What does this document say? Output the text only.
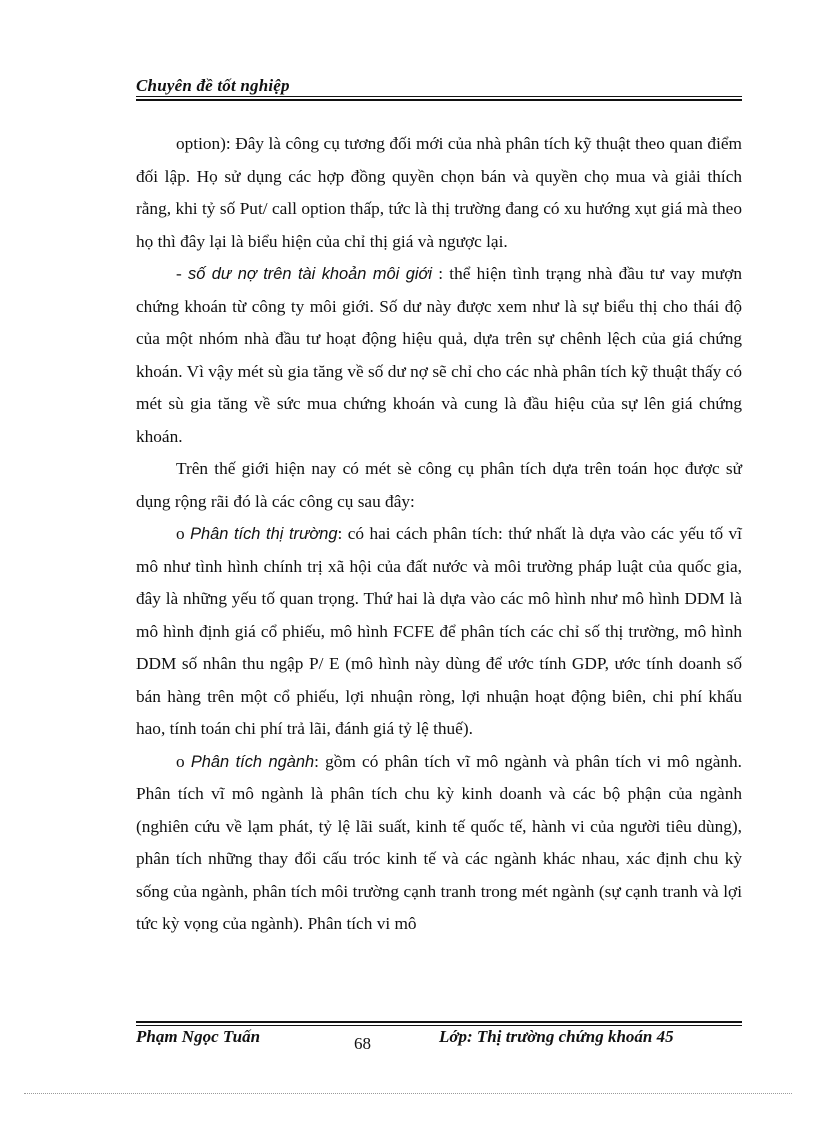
Chuyên đề tốt nghiệp

option): Đây là công cụ tương đối mới của nhà phân tích kỹ thuật theo quan điểm đối lập. Họ sử dụng các hợp đồng quyền chọn bán và quyền chọ mua và giải thích rằng, khi tỷ số Put/ call option thấp, tức là thị trường đang có xu hướng xụt giá mà theo họ thì đây lại là biểu hiện của chỉ thị giá và ngược lại.

- số dư nợ trên tài khoản môi giới : thể hiện tình trạng nhà đầu tư vay mượn chứng khoán từ công ty môi giới. Số dư này được xem như là sự biểu thị cho thái độ của một nhóm nhà đầu tư hoạt động hiệu quả, dựa trên sự chênh lệch của giá chứng khoán. Vì vậy mét sù gia tăng về số dư nợ sẽ chỉ cho các nhà phân tích kỹ thuật thấy có mét sù gia tăng về sức mua chứng khoán và cung là đầu hiệu của sự lên giá chứng khoán.

Trên thế giới hiện nay có mét sè công cụ phân tích dựa trên toán học được sử dụng rộng rãi đó là các công cụ sau đây:

o Phân tích thị trường: có hai cách phân tích: thứ nhất là dựa vào các yếu tố vĩ mô như tình hình chính trị xã hội của đất nước và môi trường pháp luật của quốc gia, đây là những yếu tố quan trọng. Thứ hai là dựa vào các mô hình như mô hình DDM là mô hình định giá cổ phiếu, mô hình FCFE để phân tích các chỉ số thị trường, mô hình DDM số nhân thu ngập P/ E (mô hình này dùng để ước tính GDP, ước tính doanh số bán hàng trên một cổ phiếu, lợi nhuận ròng, lợi nhuận hoạt động biên, chi phí khấu hao, tính toán chi phí trả lãi, đánh giá tỷ lệ thuế).

o Phân tích ngành: gồm có phân tích vĩ mô ngành và phân tích vi mô ngành. Phân tích vĩ mô ngành là phân tích chu kỳ kinh doanh và các bộ phận của ngành (nghiên cứu về lạm phát, tỷ lệ lãi suất, kinh tế quốc tế, hành vi của người tiêu dùng), phân tích những thay đổi cấu tróc kinh tế và các ngành khác nhau, xác định chu kỳ sống của ngành, phân tích môi trường cạnh tranh trong mét ngành (sự cạnh tranh và lợi tức kỳ vọng của ngành). Phân tích vi mô

Phạm Ngọc Tuấn	68	Lớp: Thị trường chứng khoán 45
